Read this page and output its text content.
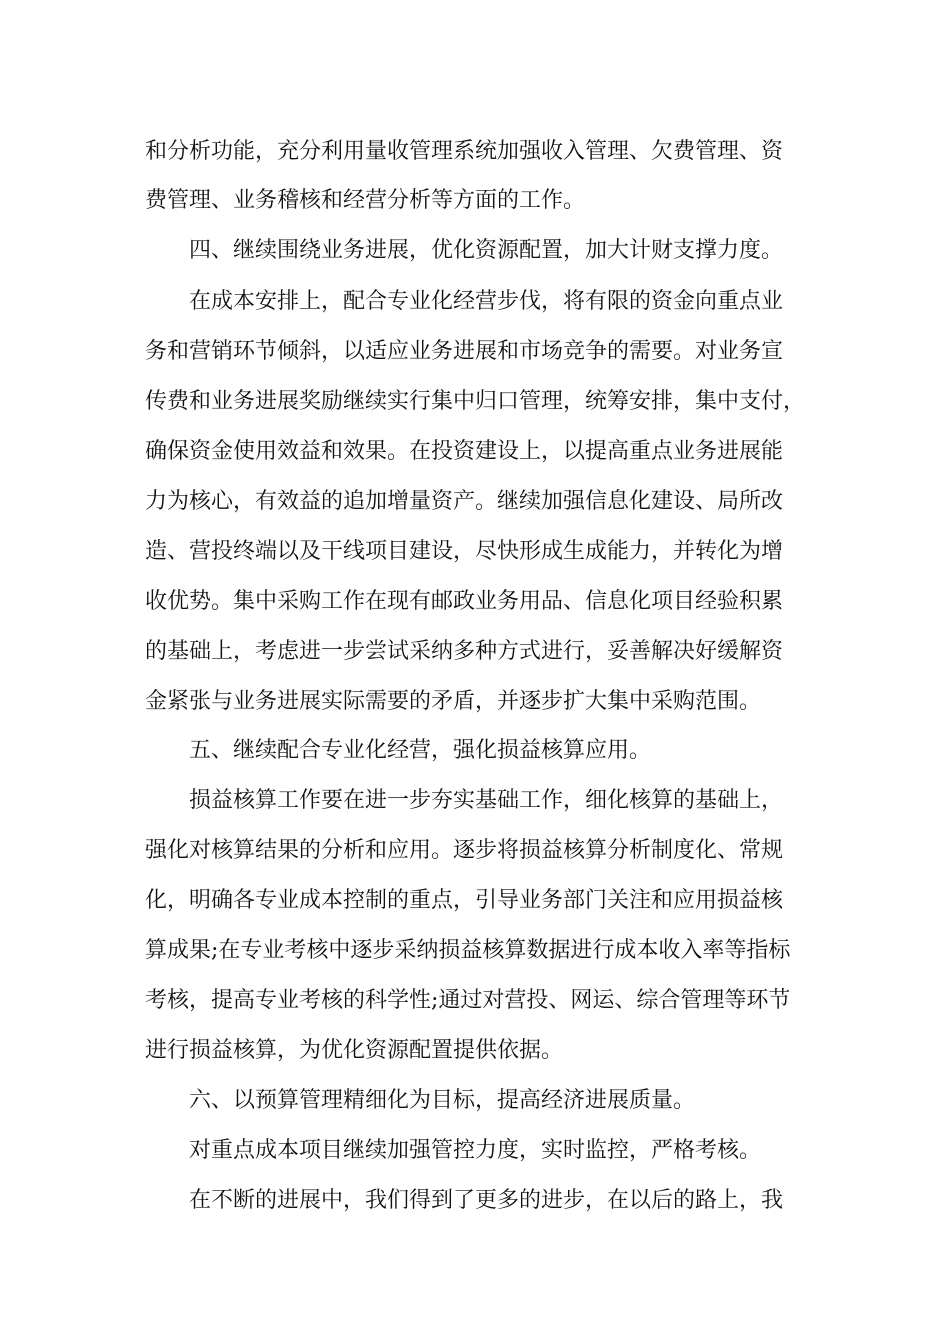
和分析功能，充分利用量收管理系统加强收入管理、欠费管理、资
费管理、业务稽核和经营分析等方面的工作。
四、继续围绕业务进展，优化资源配置，加大计财支撑力度。
在成本安排上，配合专业化经营步伐，将有限的资金向重点业
务和营销环节倾斜，以适应业务进展和市场竞争的需要。对业务宣
传费和业务进展奖励继续实行集中归口管理，统筹安排，集中支付，
确保资金使用效益和效果。在投资建设上，以提高重点业务进展能
力为核心，有效益的追加增量资产。继续加强信息化建设、局所改
造、营投终端以及干线项目建设，尽快形成生成能力，并转化为增
收优势。集中采购工作在现有邮政业务用品、信息化项目经验积累
的基础上，考虑进一步尝试采纳多种方式进行，妥善解决好缓解资
金紧张与业务进展实际需要的矛盾，并逐步扩大集中采购范围。
五、继续配合专业化经营，强化损益核算应用。
损益核算工作要在进一步夯实基础工作，细化核算的基础上，
强化对核算结果的分析和应用。逐步将损益核算分析制度化、常规
化，明确各专业成本控制的重点，引导业务部门关注和应用损益核
算成果;在专业考核中逐步采纳损益核算数据进行成本收入率等指标
考核，提高专业考核的科学性;通过对营投、网运、综合管理等环节
进行损益核算，为优化资源配置提供依据。
六、以预算管理精细化为目标，提高经济进展质量。
对重点成本项目继续加强管控力度，实时监控，严格考核。
在不断的进展中，我们得到了更多的进步，在以后的路上，我
